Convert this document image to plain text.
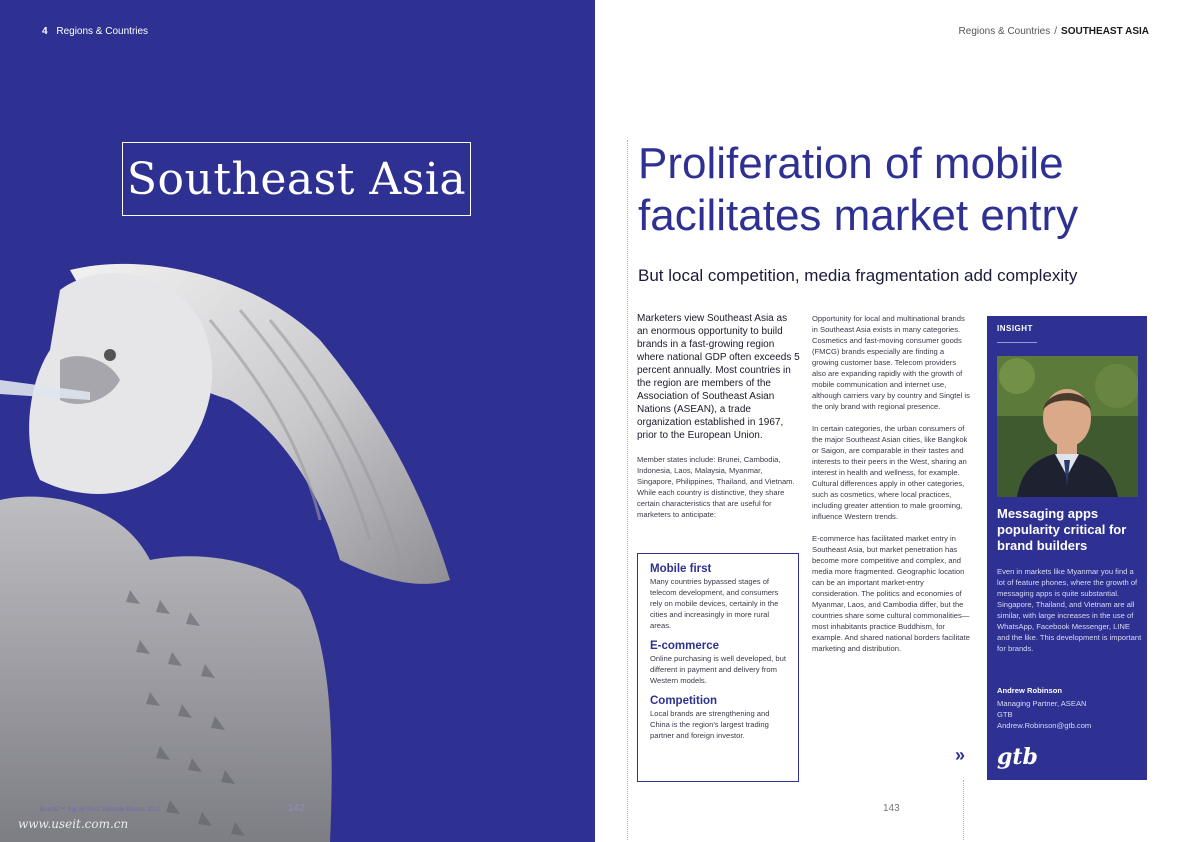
4 Regions & Countries
Southeast Asia
BrandZ™ Top 50 Most Valuable Brands 2017	142
www.useit.com.cn
Regions & Countries / SOUTHEAST ASIA
Proliferation of mobile facilitates market entry
But local competition, media fragmentation add complexity

Marketers view Southeast Asia as an enormous opportunity to build brands in a fast-growing region where national GDP often exceeds 5 percent annually. Most countries in the region are members of the Association of Southeast Asian Nations (ASEAN), a trade organization established in 1967, prior to the European Union.

Member states include: Brunei, Cambodia, Indonesia, Laos, Malaysia, Myanmar, Singapore, Philippines, Thailand, and Vietnam. While each country is distinctive, they share certain characteristics that are useful for marketers to anticipate:

Mobile first
Many countries bypassed stages of telecom development, and consumers rely on mobile devices, certainly in the cities and increasingly in more rural areas.
E-commerce
Online purchasing is well developed, but different in payment and delivery from Western models.
Competition
Local brands are strengthening and China is the region's largest trading partner and foreign investor.

Opportunity for local and multinational brands in Southeast Asia exists in many categories. Cosmetics and fast-moving consumer goods (FMCG) brands especially are finding a growing customer base. Telecom providers also are expanding rapidly with the growth of mobile communication and internet use, although carriers vary by country and Singtel is the only brand with regional presence.

In certain categories, the urban consumers of the major Southeast Asian cities, like Bangkok or Saigon, are comparable in their tastes and interests to their peers in the West, sharing an interest in health and wellness, for example. Cultural differences apply in other categories, such as cosmetics, where local practices, including greater attention to male grooming, influence Western trends.

E-commerce has facilitated market entry in Southeast Asia, but market penetration has become more competitive and complex, and media more fragmented. Geographic location can be an important market-entry consideration. The politics and economies of Myanmar, Laos, and Cambodia differ, but the countries share some cultural commonalities—most inhabitants practice Buddhism, for example. And shared national borders facilitate marketing and distribution.

»
INSIGHT
Messaging apps popularity critical for brand builders
Even in markets like Myanmar you find a lot of feature phones, where the growth of messaging apps is quite substantial. Singapore, Thailand, and Vietnam are all similar, with large increases in the use of WhatsApp, Facebook Messenger, LINE and the like. This development is important for brands.
Andrew Robinson
Managing Partner, ASEAN
GTB
Andrew.Robinson@gtb.com
gtb
143
